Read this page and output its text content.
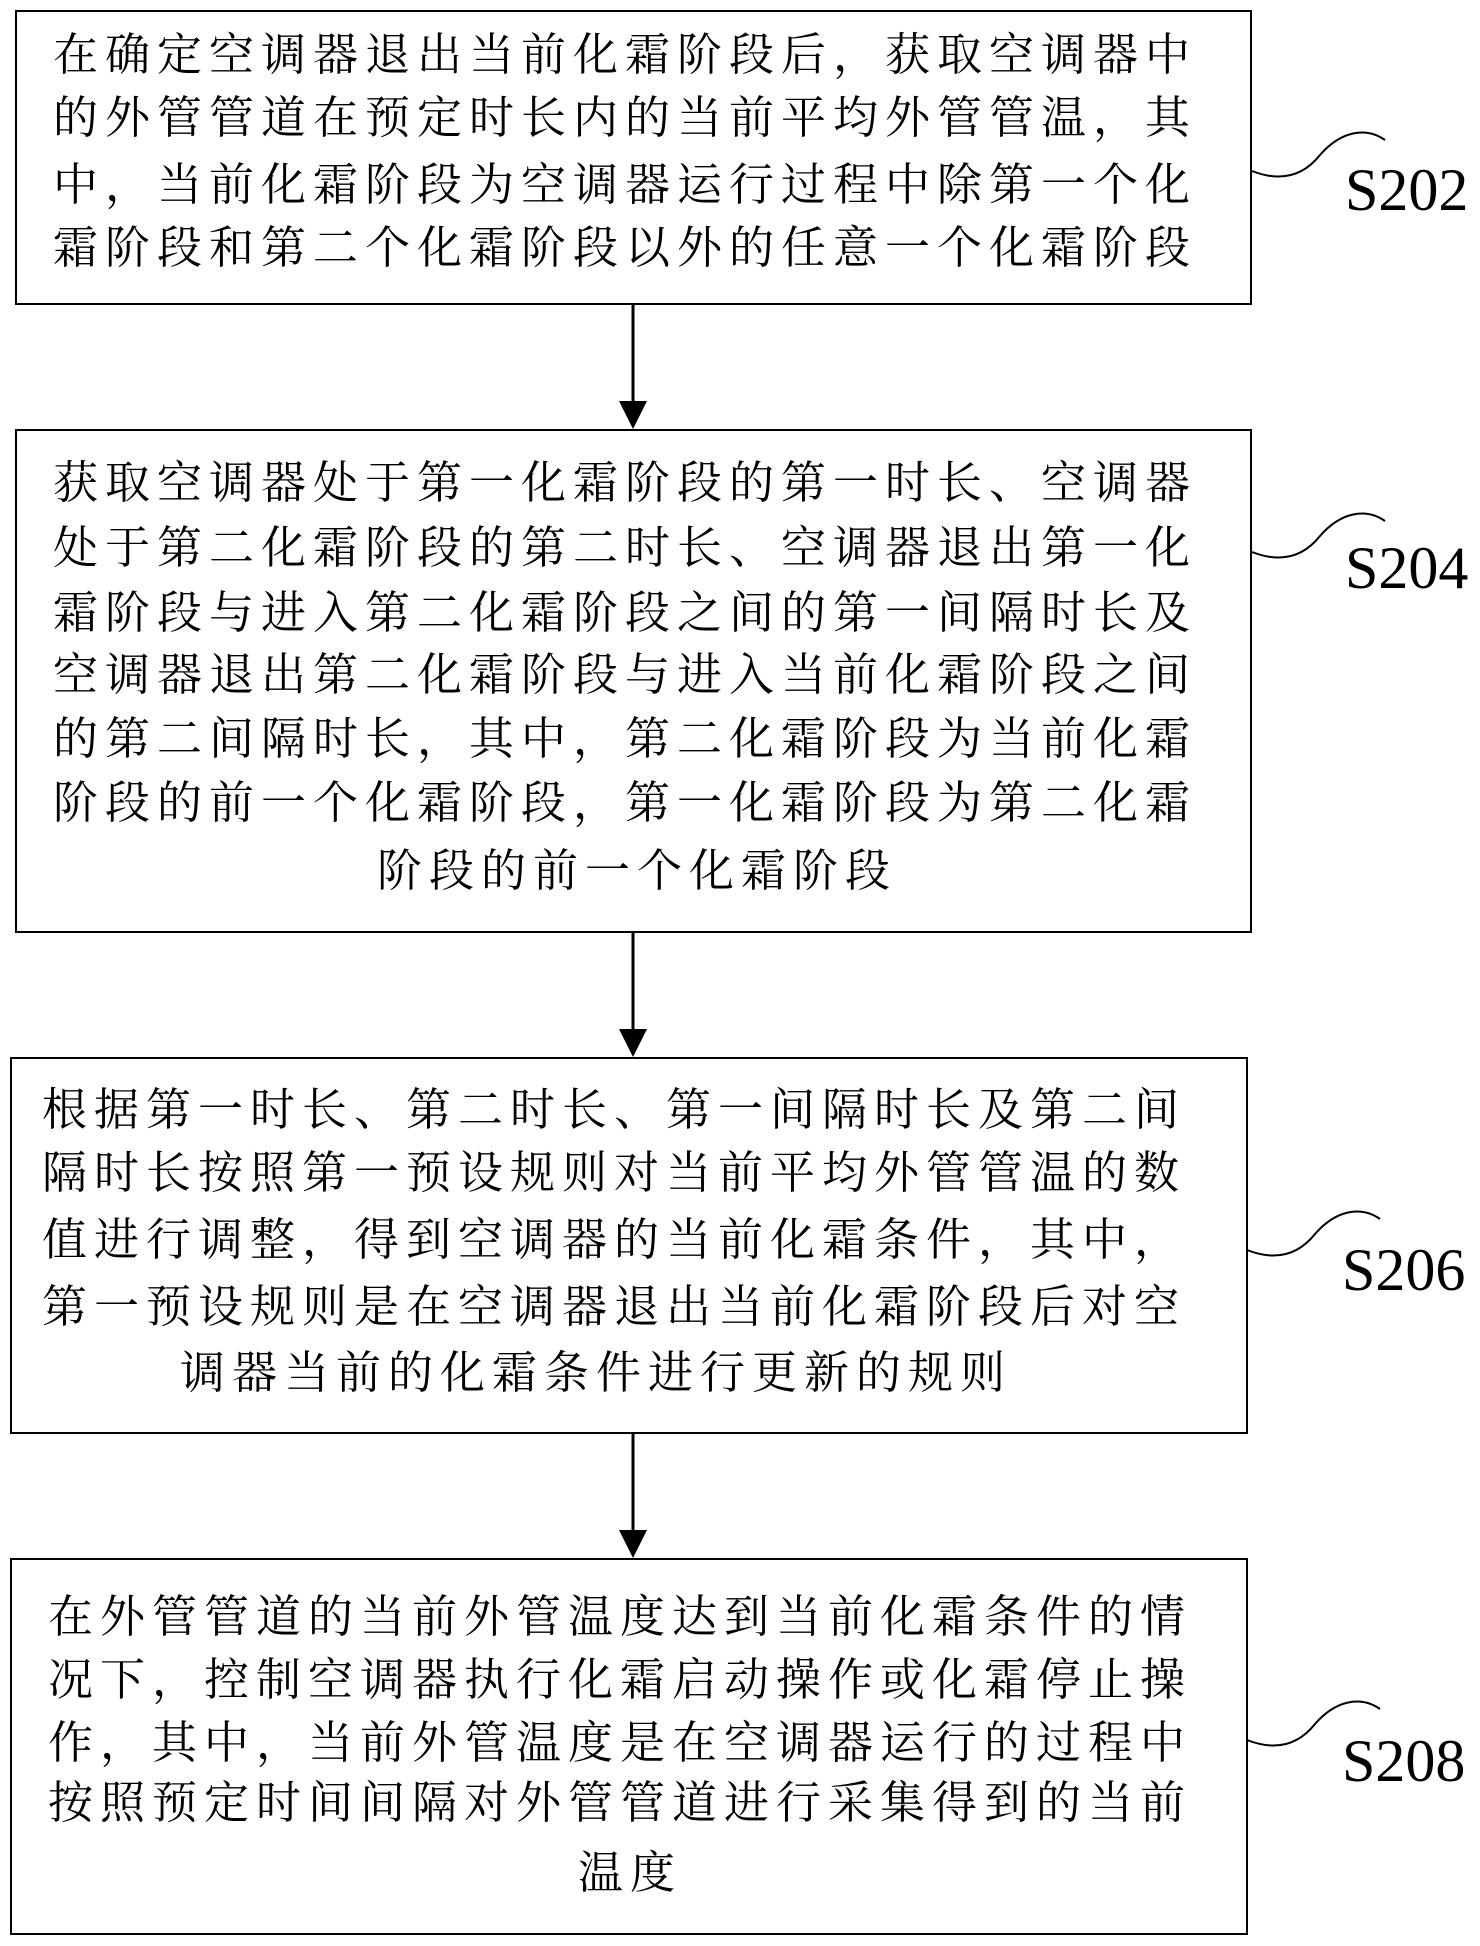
在确定空调器退出当前化霜阶段后，获取空调器中
的外管管道在预定时长内的当前平均外管管温，其
中，当前化霜阶段为空调器运行过程中除第一个化
霜阶段和第二个化霜阶段以外的任意一个化霜阶段
S202
获取空调器处于第一化霜阶段的第一时长、空调器
处于第二化霜阶段的第二时长、空调器退出第一化
霜阶段与进入第二化霜阶段之间的第一间隔时长及
空调器退出第二化霜阶段与进入当前化霜阶段之间
的第二间隔时长，其中，第二化霜阶段为当前化霜
阶段的前一个化霜阶段，第一化霜阶段为第二化霜
阶段的前一个化霜阶段
S204
根据第一时长、第二时长、第一间隔时长及第二间
隔时长按照第一预设规则对当前平均外管管温的数
值进行调整，得到空调器的当前化霜条件，其中，
第一预设规则是在空调器退出当前化霜阶段后对空
调器当前的化霜条件进行更新的规则
S206
在外管管道的当前外管温度达到当前化霜条件的情
况下，控制空调器执行化霜启动操作或化霜停止操
作，其中，当前外管温度是在空调器运行的过程中
按照预定时间间隔对外管管道进行采集得到的当前
温度
S208
